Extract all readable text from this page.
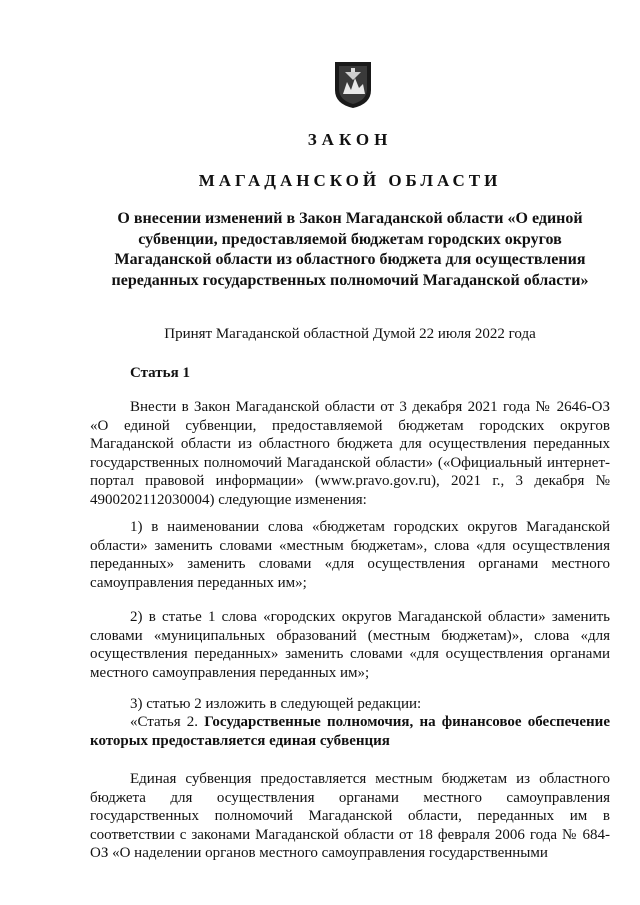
ЗАКОН
МАГАДАНСКОЙ ОБЛАСТИ
О внесении изменений в Закон Магаданской области «О единой субвенции, предоставляемой бюджетам городских округов Магаданской области из областного бюджета для осуществления переданных государственных полномочий Магаданской области»
Принят Магаданской областной Думой 22 июля 2022 года
Статья 1
Внести в Закон Магаданской области от 3 декабря 2021 года № 2646-ОЗ «О единой субвенции, предоставляемой бюджетам городских округов Магаданской области из областного бюджета для осуществления переданных государственных полномочий Магаданской области» («Официальный интернет-портал правовой информации» (www.pravo.gov.ru), 2021 г., 3 декабря № 4900202112030004) следующие изменения:
1) в наименовании слова «бюджетам городских округов Магаданской области» заменить словами «местным бюджетам», слова «для осуществления переданных» заменить словами «для осуществления органами местного самоуправления переданных им»;
2) в статье 1 слова «городских округов Магаданской области» заменить словами «муниципальных образований (местным бюджетам)», слова «для осуществления переданных» заменить словами «для осуществления органами местного самоуправления переданных им»;
3) статью 2 изложить в следующей редакции:
«Статья 2. Государственные полномочия, на финансовое обеспечение которых предоставляется единая субвенция
Единая субвенция предоставляется местным бюджетам из областного бюджета для осуществления органами местного самоуправления государственных полномочий Магаданской области, переданных им в соответствии с законами Магаданской области от 18 февраля 2006 года № 684-ОЗ «О наделении органов местного самоуправления государственными
